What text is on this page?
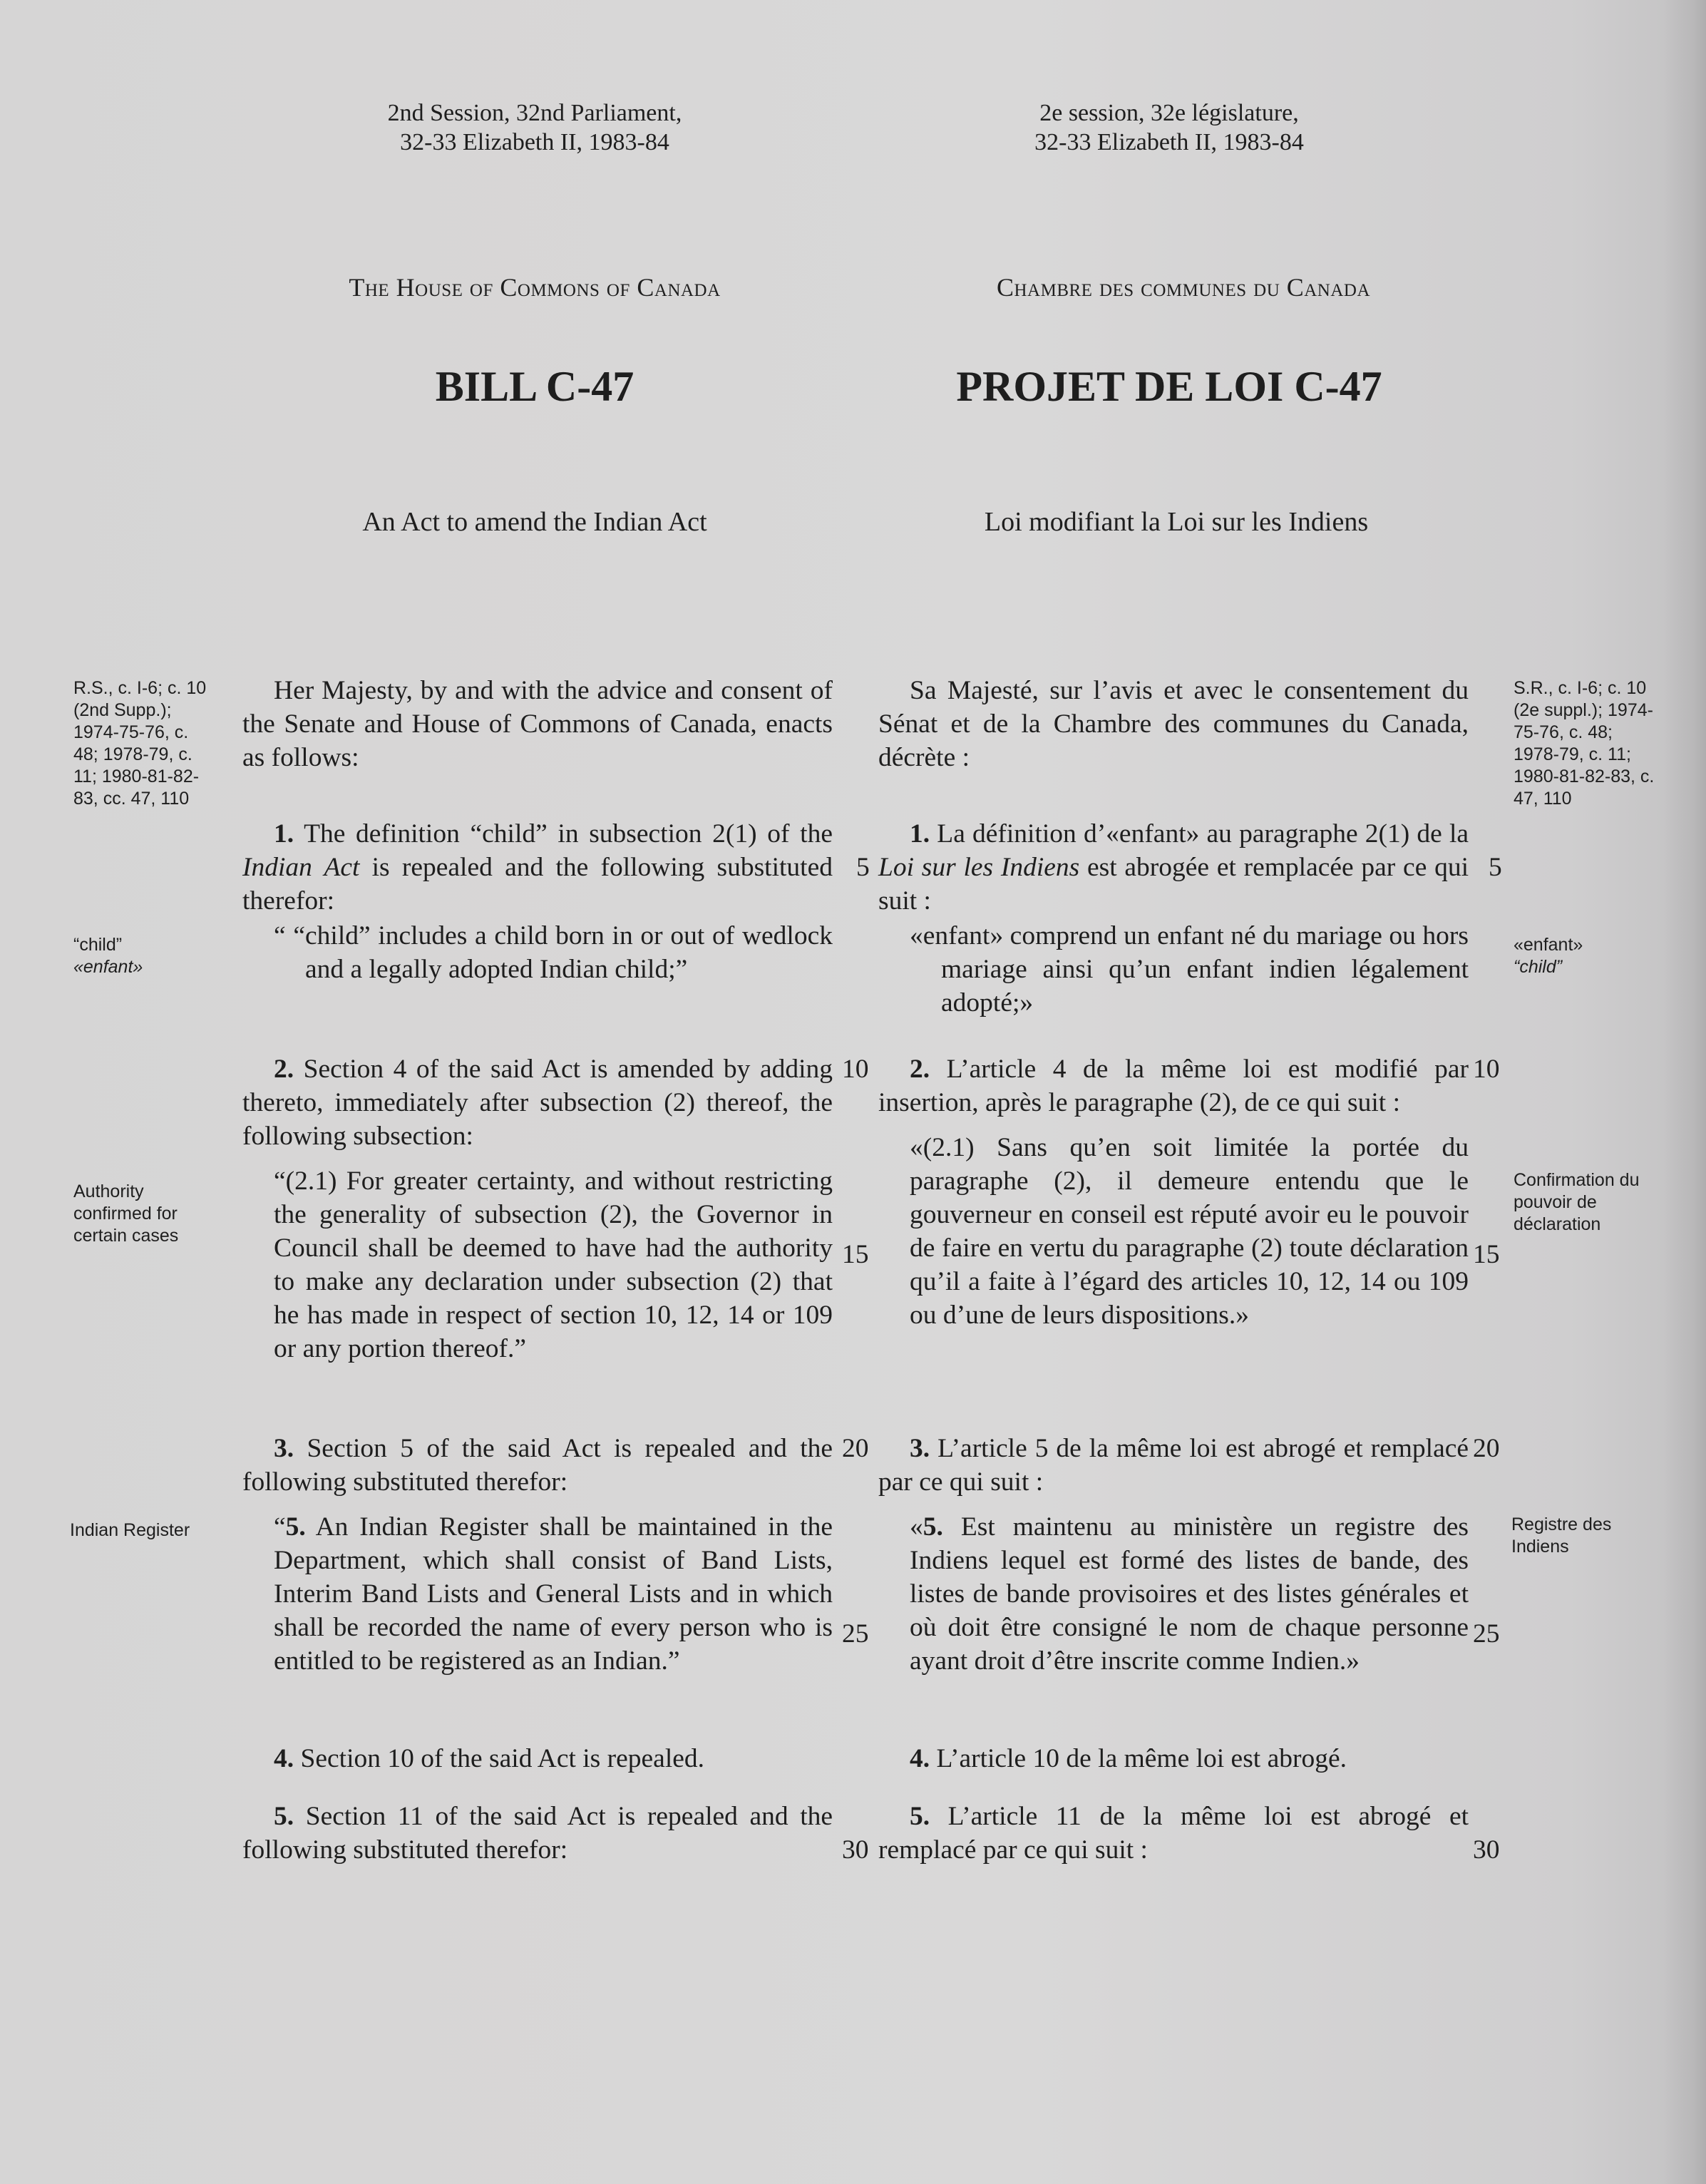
2nd Session, 32nd Parliament,
32-33 Elizabeth II, 1983-84
2e session, 32e législature,
32-33 Elizabeth II, 1983-84
The House of Commons of Canada	Chambre des communes du Canada
BILL C-47	PROJET DE LOI C-47
An Act to amend the Indian Act	Loi modifiant la Loi sur les Indiens
R.S., c. I-6; c. 10 (2nd Supp.); 1974-75-76, c. 48; 1978-79, c. 11; 1980-81-82-83, cc. 47, 110
“child”
«enfant»
Authority confirmed for certain cases
Indian Register
S.R., c. I-6; c. 10 (2e suppl.); 1974-75-76, c. 48; 1978-79, c. 11; 1980-81-82-83, c. 47, 110
«enfant»
“child”
Confirmation du pouvoir de déclaration
Registre des Indiens

Her Majesty, by and with the advice and consent of the Senate and House of Commons of Canada, enacts as follows:

1. The definition “child” in subsection 2(1) of the Indian Act is repealed and the following substituted therefor:

“ “child” includes a child born in or out of wedlock and a legally adopted Indian child;”

2. Section 4 of the said Act is amended by adding thereto, immediately after subsection (2) thereof, the following subsection:

“(2.1) For greater certainty, and without restricting the generality of subsection (2), the Governor in Council shall be deemed to have had the authority to make any declaration under subsection (2) that he has made in respect of section 10, 12, 14 or 109 or any portion thereof.”

3. Section 5 of the said Act is repealed and the following substituted therefor:

“5. An Indian Register shall be maintained in the Department, which shall consist of Band Lists, Interim Band Lists and General Lists and in which shall be recorded the name of every person who is entitled to be registered as an Indian.”

4. Section 10 of the said Act is repealed.

5. Section 11 of the said Act is repealed and the following substituted therefor:

Sa Majesté, sur l’avis et avec le consentement du Sénat et de la Chambre des communes du Canada, décrète :

1. La définition d’«enfant» au paragraphe 2(1) de la Loi sur les Indiens est abrogée et remplacée par ce qui suit :

«enfant» comprend un enfant né du mariage ou hors mariage ainsi qu’un enfant indien légalement adopté;»

2. L’article 4 de la même loi est modifié par insertion, après le paragraphe (2), de ce qui suit :

«(2.1) Sans qu’en soit limitée la portée du paragraphe (2), il demeure entendu que le gouverneur en conseil est réputé avoir eu le pouvoir de faire en vertu du paragraphe (2) toute déclaration qu’il a faite à l’égard des articles 10, 12, 14 ou 109 ou d’une de leurs dispositions.»

3. L’article 5 de la même loi est abrogé et remplacé par ce qui suit :

«5. Est maintenu au ministère un registre des Indiens lequel est formé des listes de bande, des listes de bande provisoires et des listes générales et où doit être consigné le nom de chaque personne ayant droit d’être inscrite comme Indien.»

4. L’article 10 de la même loi est abrogé.

5. L’article 11 de la même loi est abrogé et remplacé par ce qui suit :

5	5
10	10
15	15
20	20
25	25
30	30
